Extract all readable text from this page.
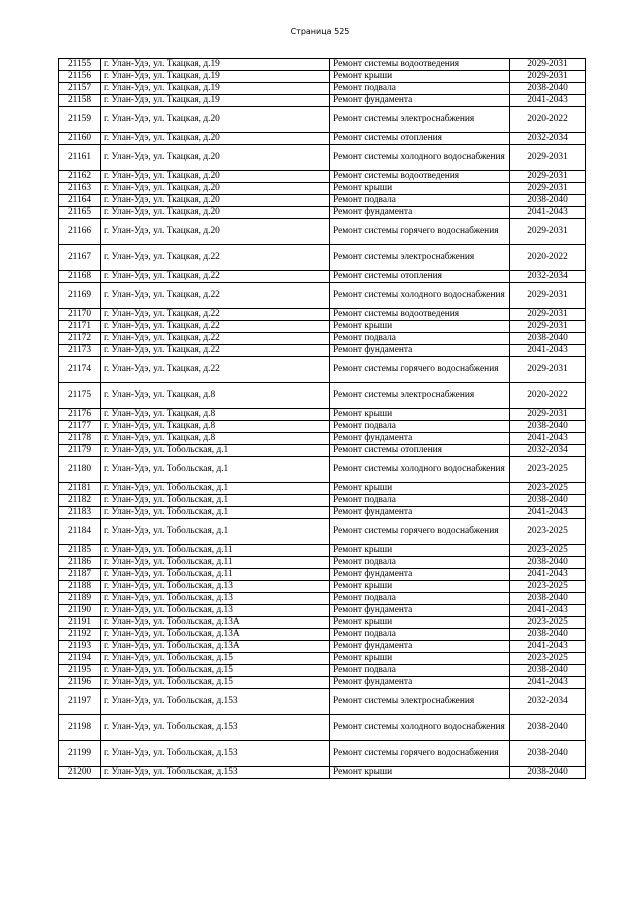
Страница 525
21155	г. Улан-Удэ, ул. Ткацкая, д.19	Ремонт системы водоотведения	2029-2031
21156	г. Улан-Удэ, ул. Ткацкая, д.19	Ремонт крыши	2029-2031
21157	г. Улан-Удэ, ул. Ткацкая, д.19	Ремонт подвала	2038-2040
21158	г. Улан-Удэ, ул. Ткацкая, д.19	Ремонт фундамента	2041-2043
21159	г. Улан-Удэ, ул. Ткацкая, д.20	Ремонт системы электроснабжения	2020-2022
21160	г. Улан-Удэ, ул. Ткацкая, д.20	Ремонт системы отопления	2032-2034
21161	г. Улан-Удэ, ул. Ткацкая, д.20	Ремонт системы холодного водоснабжения	2029-2031
21162	г. Улан-Удэ, ул. Ткацкая, д.20	Ремонт системы водоотведения	2029-2031
21163	г. Улан-Удэ, ул. Ткацкая, д.20	Ремонт крыши	2029-2031
21164	г. Улан-Удэ, ул. Ткацкая, д.20	Ремонт подвала	2038-2040
21165	г. Улан-Удэ, ул. Ткацкая, д.20	Ремонт фундамента	2041-2043
21166	г. Улан-Удэ, ул. Ткацкая, д.20	Ремонт системы горячего водоснабжения	2029-2031
21167	г. Улан-Удэ, ул. Ткацкая, д.22	Ремонт системы электроснабжения	2020-2022
21168	г. Улан-Удэ, ул. Ткацкая, д.22	Ремонт системы отопления	2032-2034
21169	г. Улан-Удэ, ул. Ткацкая, д.22	Ремонт системы холодного водоснабжения	2029-2031
21170	г. Улан-Удэ, ул. Ткацкая, д.22	Ремонт системы водоотведения	2029-2031
21171	г. Улан-Удэ, ул. Ткацкая, д.22	Ремонт крыши	2029-2031
21172	г. Улан-Удэ, ул. Ткацкая, д.22	Ремонт подвала	2038-2040
21173	г. Улан-Удэ, ул. Ткацкая, д.22	Ремонт фундамента	2041-2043
21174	г. Улан-Удэ, ул. Ткацкая, д.22	Ремонт системы горячего водоснабжения	2029-2031
21175	г. Улан-Удэ, ул. Ткацкая, д.8	Ремонт системы электроснабжения	2020-2022
21176	г. Улан-Удэ, ул. Ткацкая, д.8	Ремонт крыши	2029-2031
21177	г. Улан-Удэ, ул. Ткацкая, д.8	Ремонт подвала	2038-2040
21178	г. Улан-Удэ, ул. Ткацкая, д.8	Ремонт фундамента	2041-2043
21179	г. Улан-Удэ, ул. Тобольская, д.1	Ремонт системы отопления	2032-2034
21180	г. Улан-Удэ, ул. Тобольская, д.1	Ремонт системы холодного водоснабжения	2023-2025
21181	г. Улан-Удэ, ул. Тобольская, д.1	Ремонт крыши	2023-2025
21182	г. Улан-Удэ, ул. Тобольская, д.1	Ремонт подвала	2038-2040
21183	г. Улан-Удэ, ул. Тобольская, д.1	Ремонт фундамента	2041-2043
21184	г. Улан-Удэ, ул. Тобольская, д.1	Ремонт системы горячего водоснабжения	2023-2025
21185	г. Улан-Удэ, ул. Тобольская, д.11	Ремонт крыши	2023-2025
21186	г. Улан-Удэ, ул. Тобольская, д.11	Ремонт подвала	2038-2040
21187	г. Улан-Удэ, ул. Тобольская, д.11	Ремонт фундамента	2041-2043
21188	г. Улан-Удэ, ул. Тобольская, д.13	Ремонт крыши	2023-2025
21189	г. Улан-Удэ, ул. Тобольская, д.13	Ремонт подвала	2038-2040
21190	г. Улан-Удэ, ул. Тобольская, д.13	Ремонт фундамента	2041-2043
21191	г. Улан-Удэ, ул. Тобольская, д.13А	Ремонт крыши	2023-2025
21192	г. Улан-Удэ, ул. Тобольская, д.13А	Ремонт подвала	2038-2040
21193	г. Улан-Удэ, ул. Тобольская, д.13А	Ремонт фундамента	2041-2043
21194	г. Улан-Удэ, ул. Тобольская, д.15	Ремонт крыши	2023-2025
21195	г. Улан-Удэ, ул. Тобольская, д.15	Ремонт подвала	2038-2040
21196	г. Улан-Удэ, ул. Тобольская, д.15	Ремонт фундамента	2041-2043
21197	г. Улан-Удэ, ул. Тобольская, д.153	Ремонт системы электроснабжения	2032-2034
21198	г. Улан-Удэ, ул. Тобольская, д.153	Ремонт системы холодного водоснабжения	2038-2040
21199	г. Улан-Удэ, ул. Тобольская, д.153	Ремонт системы горячего водоснабжения	2038-2040
21200	г. Улан-Удэ, ул. Тобольская, д.153	Ремонт крыши	2038-2040
